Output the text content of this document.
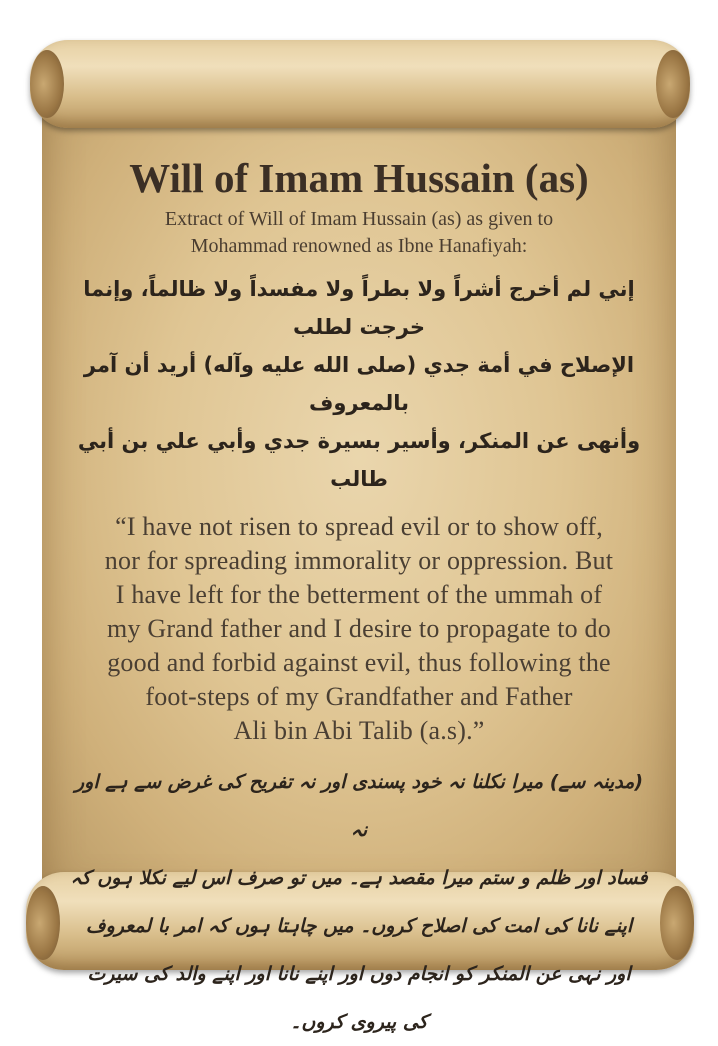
Will of Imam Hussain (as)
Extract of Will of Imam Hussain (as) as given to
Mohammad renowned as Ibne Hanafiyah:
إني لم أخرج أشراً ولا بطراً ولا مفسداً ولا ظالماً، وإنما خرجت لطلب
الإصلاح في أمة جدي (صلى الله عليه وآله) أريد أن آمر بالمعروف
وأنهى عن المنكر، وأسير بسيرة جدي وأبي علي بن أبي طالب
“I have not risen to spread evil or to show off,
nor for spreading immorality or oppression. But
I have left for the betterment of the ummah of
my Grand father and I desire to propagate to do
good and forbid against evil, thus following the
foot-steps of my Grandfather and Father
Ali bin Abi Talib (a.s).”
(مدینہ سے) میرا نکلنا نہ خود پسندی اور نہ تفریح کی غرض سے ہے اور نہ
فساد اور ظلم و ستم میرا مقصد ہے۔ میں تو صرف اس لیے نکلا ہوں کہ
اپنے نانا کی امت کی اصلاح کروں۔ میں چاہتا ہوں کہ امر با لمعروف
اور نہی عن المنکر کو انجام دوں اور اپنے نانا اور اپنے والد کی سیرت
کی پیروی کروں۔
